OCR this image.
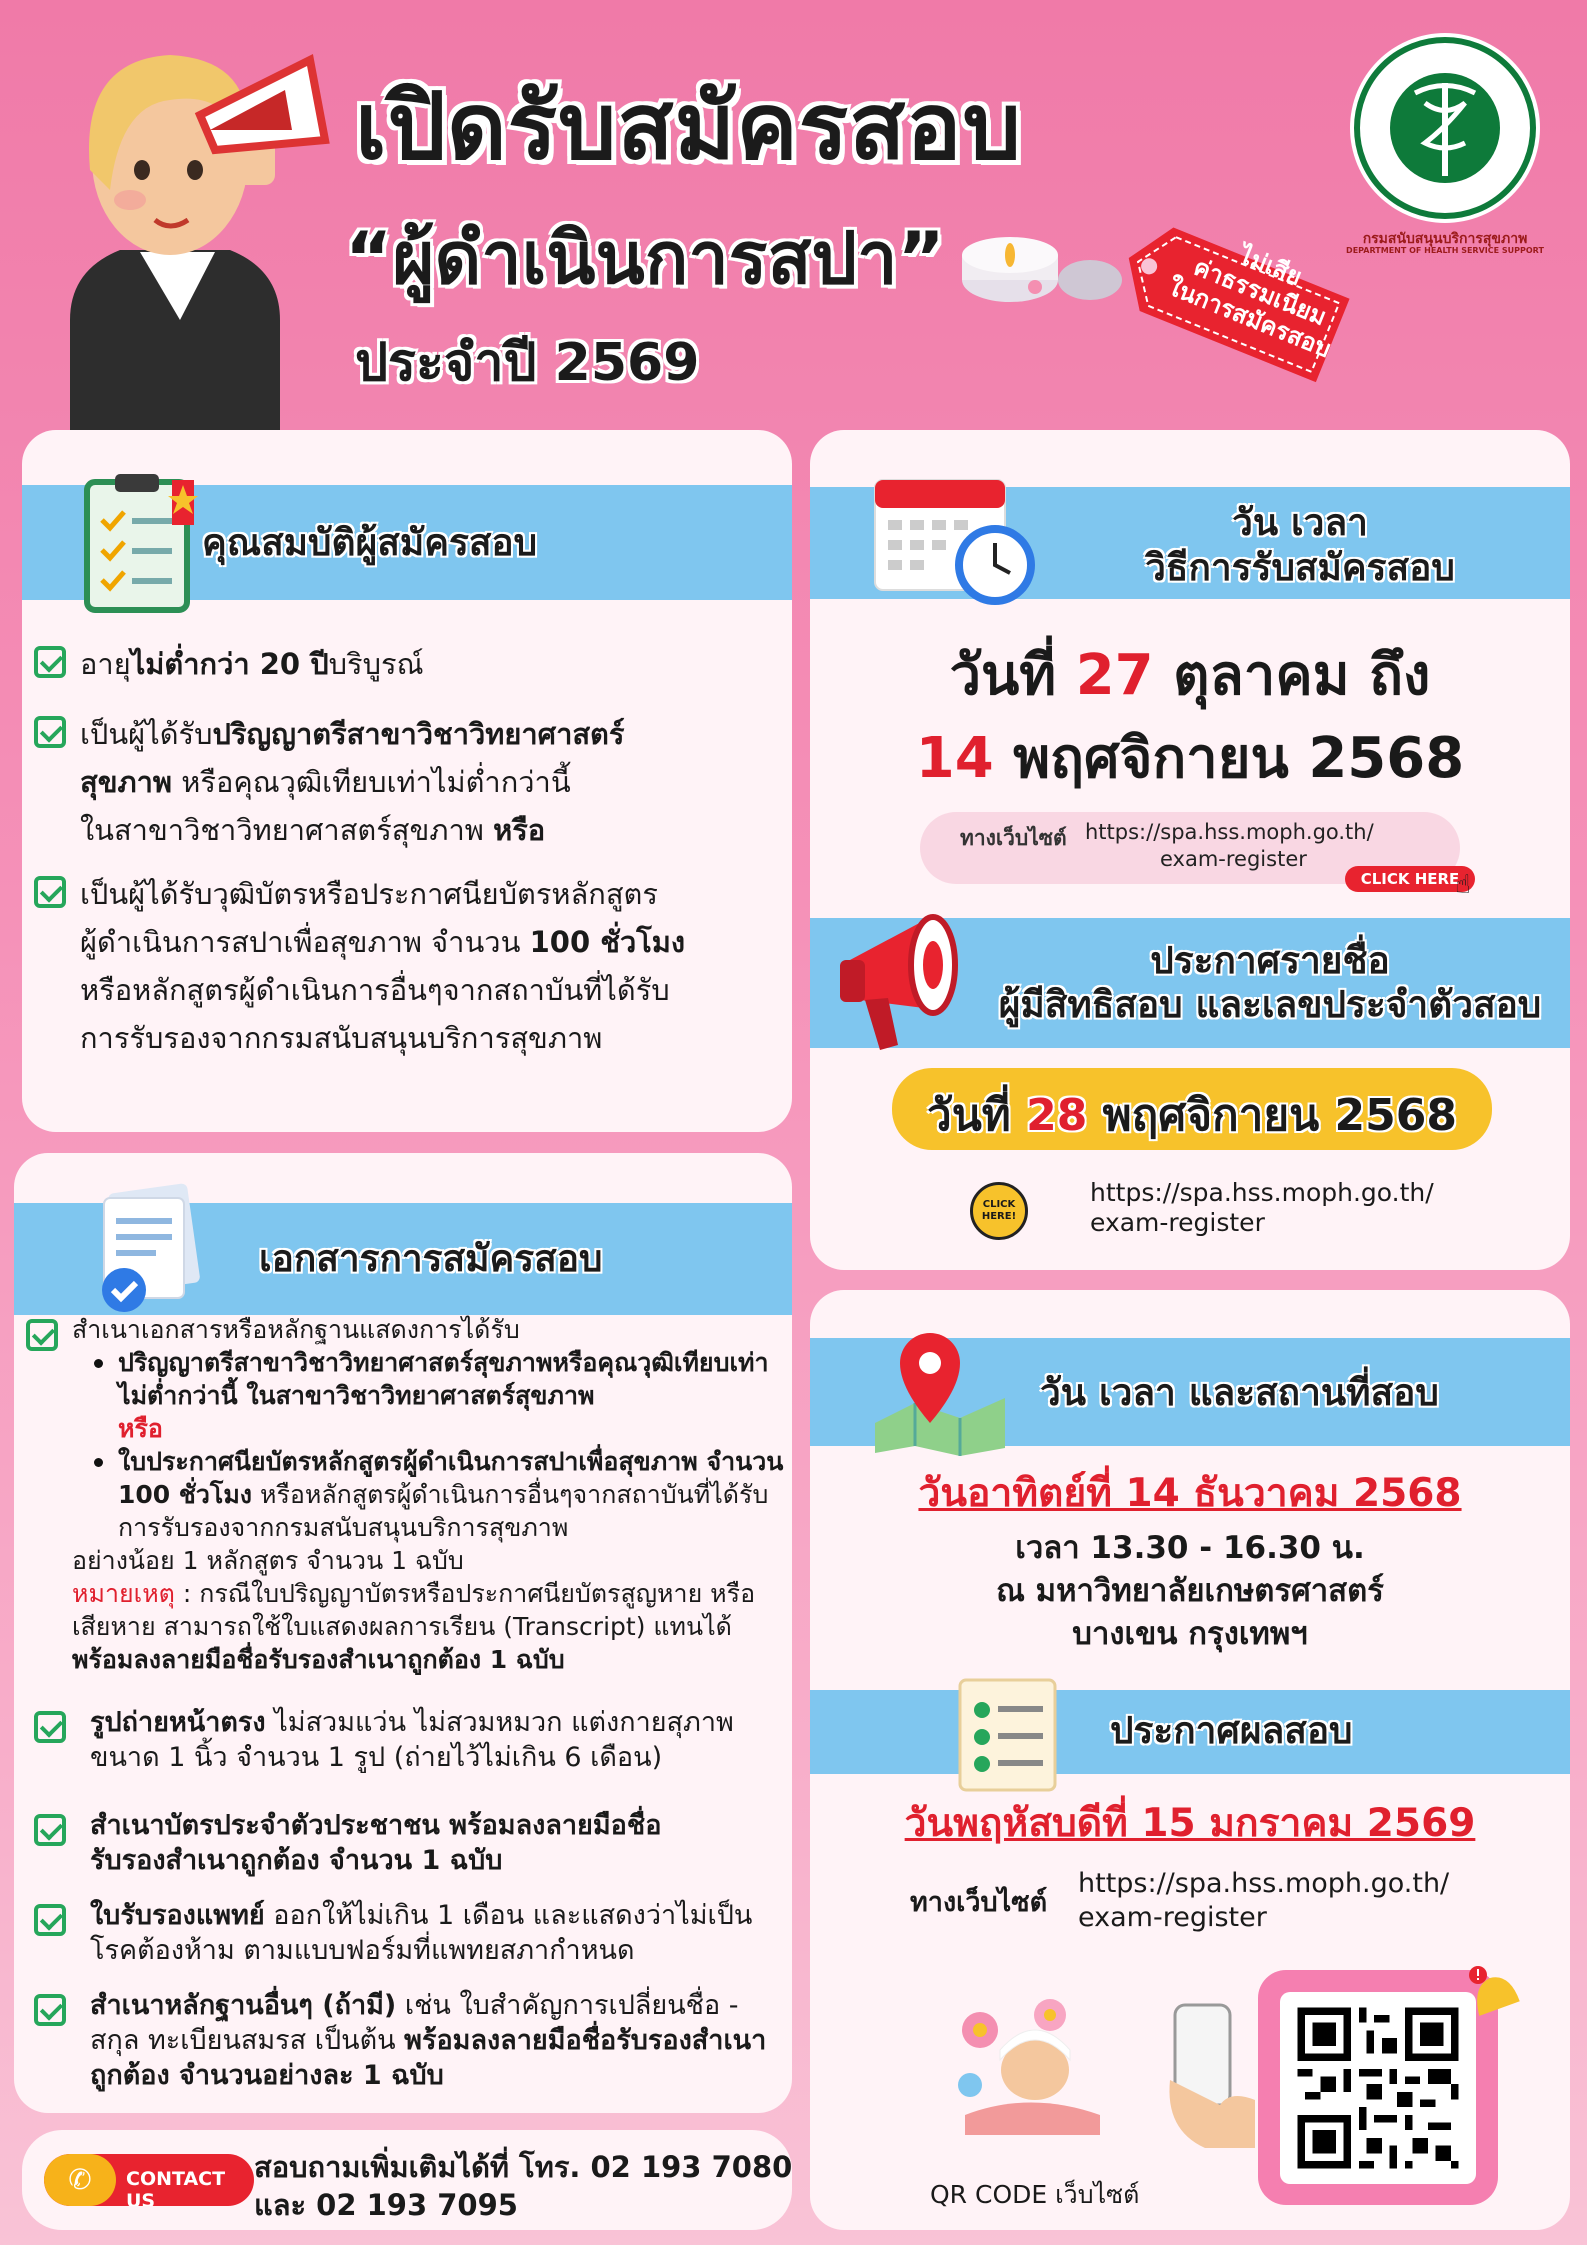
เปิดรับสมัครสอบ
“ผู้ดำเนินการสปา”
ประจำปี 2569
ไม่เสีย
ค่าธรรมเนียม
ในการสมัครสอบ
กรมสนับสนุนบริการสุขภาพ
DEPARTMENT OF HEALTH SERVICE SUPPORT
คุณสมบัติผู้สมัครสอบ
อายุไม่ต่ำกว่า 20 ปีบริบูรณ์
เป็นผู้ได้รับปริญญาตรีสาขาวิชาวิทยาศาสตร์
สุขภาพ หรือคุณวุฒิเทียบเท่าไม่ต่ำกว่านี้
ในสาขาวิชาวิทยาศาสตร์สุขภาพ หรือ
เป็นผู้ได้รับวุฒิบัตรหรือประกาศนียบัตรหลักสูตร
ผู้ดำเนินการสปาเพื่อสุขภาพ จำนวน 100 ชั่วโมง
หรือหลักสูตรผู้ดำเนินการอื่นๆจากสถาบันที่ได้รับ
การรับรองจากกรมสนับสนุนบริการสุขภาพ
เอกสารการสมัครสอบ
สำเนาเอกสารหรือหลักฐานแสดงการได้รับ
ปริญญาตรีสาขาวิชาวิทยาศาสตร์สุขภาพหรือคุณวุฒิเทียบเท่าไม่ต่ำกว่านี้ ในสาขาวิชาวิทยาศาสตร์สุขภาพ
หรือ
ใบประกาศนียบัตรหลักสูตรผู้ดำเนินการสปาเพื่อสุขภาพ จำนวน 100 ชั่วโมง หรือหลักสูตรผู้ดำเนินการอื่นๆจากสถาบันที่ได้รับการรับรองจากกรมสนับสนุนบริการสุขภาพ
อย่างน้อย 1 หลักสูตร จำนวน 1 ฉบับ
หมายเหตุ : กรณีใบปริญญาบัตรหรือประกาศนียบัตรสูญหาย หรือเสียหาย สามารถใช้ใบแสดงผลการเรียน (Transcript) แทนได้ พร้อมลงลายมือชื่อรับรองสำเนาถูกต้อง 1 ฉบับ
รูปถ่ายหน้าตรง ไม่สวมแว่น ไม่สวมหมวก แต่งกายสุภาพ ขนาด 1 นิ้ว จำนวน 1 รูป (ถ่ายไว้ไม่เกิน 6 เดือน)
สำเนาบัตรประจำตัวประชาชน พร้อมลงลายมือชื่อรับรองสำเนาถูกต้อง จำนวน 1 ฉบับ
ใบรับรองแพทย์ ออกให้ไม่เกิน 1 เดือน และแสดงว่าไม่เป็นโรคต้องห้าม ตามแบบฟอร์มที่แพทยสภากำหนด
สำเนาหลักฐานอื่นๆ (ถ้ามี) เช่น ใบสำคัญการเปลี่ยนชื่อ - สกุล ทะเบียนสมรส เป็นต้น พร้อมลงลายมือชื่อรับรองสำเนาถูกต้อง จำนวนอย่างละ 1 ฉบับ
✆	CONTACT US
สอบถามเพิ่มเติมได้ที่ โทร. 02 193 7080
และ 02 193 7095
วัน เวลา
วิธีการรับสมัครสอบ
วันที่ 27 ตุลาคม ถึง
14 พฤศจิกายน 2568
ทางเว็บไซต์ https://spa.hss.moph.go.th/
exam-register
CLICK HERE
☝
ประกาศรายชื่อ
ผู้มีสิทธิสอบ และเลขประจำตัวสอบ
วันที่ 28 พฤศจิกายน 2568
CLICK HERE!
https://spa.hss.moph.go.th/
exam-register
วัน เวลา และสถานที่สอบ
วันอาทิตย์ที่ 14 ธันวาคม 2568
เวลา 13.30 - 16.30 น.
ณ มหาวิทยาลัยเกษตรศาสตร์
บางเขน กรุงเทพฯ
ประกาศผลสอบ
วันพฤหัสบดีที่ 15 มกราคม 2569
ทางเว็บไซต์
https://spa.hss.moph.go.th/
exam-register
QR CODE เว็บไซต์
